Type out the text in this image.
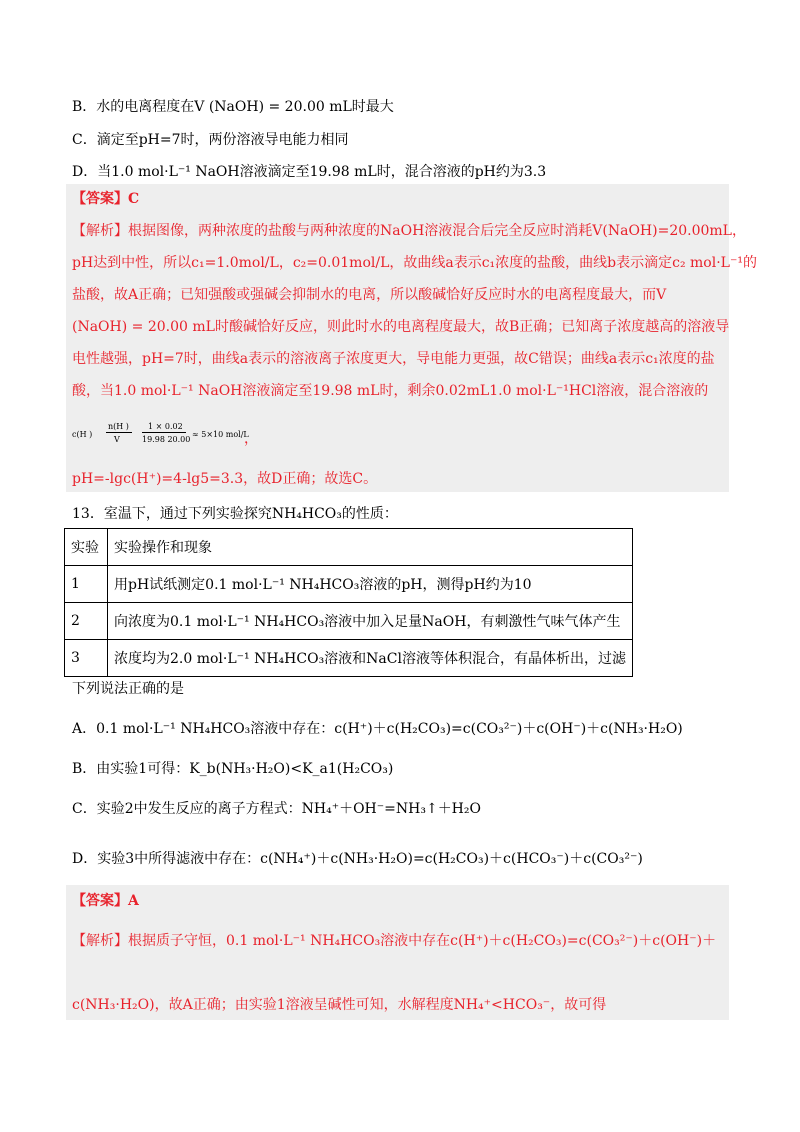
B．水的电离程度在V (NaOH) = 20.00 mL时最大
C．滴定至pH=7时，两份溶液导电能力相同
D．当1.0 mol·L⁻¹ NaOH溶液滴定至19.98 mL时，混合溶液的pH约为3.3
【答案】C
【解析】根据图像，两种浓度的盐酸与两种浓度的NaOH溶液混合后完全反应时消耗V(NaOH)=20.00mL，
pH达到中性，所以c₁=1.0mol/L，c₂=0.01mol/L，故曲线a表示c₁浓度的盐酸，曲线b表示滴定c₂ mol·L⁻¹的
盐酸，故A正确；已知强酸或强碱会抑制水的电离，所以酸碱恰好反应时水的电离程度最大，而V
(NaOH) = 20.00 mL时酸碱恰好反应，则此时水的电离程度最大，故B正确；已知离子浓度越高的溶液导
电性越强，pH=7时，曲线a表示的溶液离子浓度更大，导电能力更强，故C错误；曲线a表示c₁浓度的盐
酸，当1.0 mol·L⁻¹ NaOH溶液滴定至19.98 mL时，剩余0.02mL1.0 mol·L⁻¹HCl溶液，混合溶液的
c(H )
n(H )
V
1 × 0.02
19.98 20.00
≈ 5×10 mol/L
，
pH=-lgc(H⁺)=4-lg5=3.3，故D正确；故选C。
13．室温下，通过下列实验探究NH₄HCO₃的性质：
实验	实验操作和现象
1	用pH试纸测定0.1 mol·L⁻¹ NH₄HCO₃溶液的pH，测得pH约为10
2	向浓度为0.1 mol·L⁻¹ NH₄HCO₃溶液中加入足量NaOH，有刺激性气味气体产生
3	浓度均为2.0 mol·L⁻¹ NH₄HCO₃溶液和NaCl溶液等体积混合，有晶体析出，过滤
下列说法正确的是
A．0.1 mol·L⁻¹ NH₄HCO₃溶液中存在：c(H⁺)＋c(H₂CO₃)=c(CO₃²⁻)＋c(OH⁻)＋c(NH₃·H₂O)
B．由实验1可得：K_b(NH₃·H₂O)<K_a1(H₂CO₃)
C．实验2中发生反应的离子方程式：NH₄⁺＋OH⁻=NH₃↑＋H₂O
D．实验3中所得滤液中存在：c(NH₄⁺)＋c(NH₃·H₂O)=c(H₂CO₃)＋c(HCO₃⁻)＋c(CO₃²⁻)
【答案】A
【解析】根据质子守恒，0.1 mol·L⁻¹ NH₄HCO₃溶液中存在c(H⁺)＋c(H₂CO₃)=c(CO₃²⁻)＋c(OH⁻)＋
c(NH₃·H₂O)，故A正确；由实验1溶液呈碱性可知，水解程度NH₄⁺<HCO₃⁻，故可得
